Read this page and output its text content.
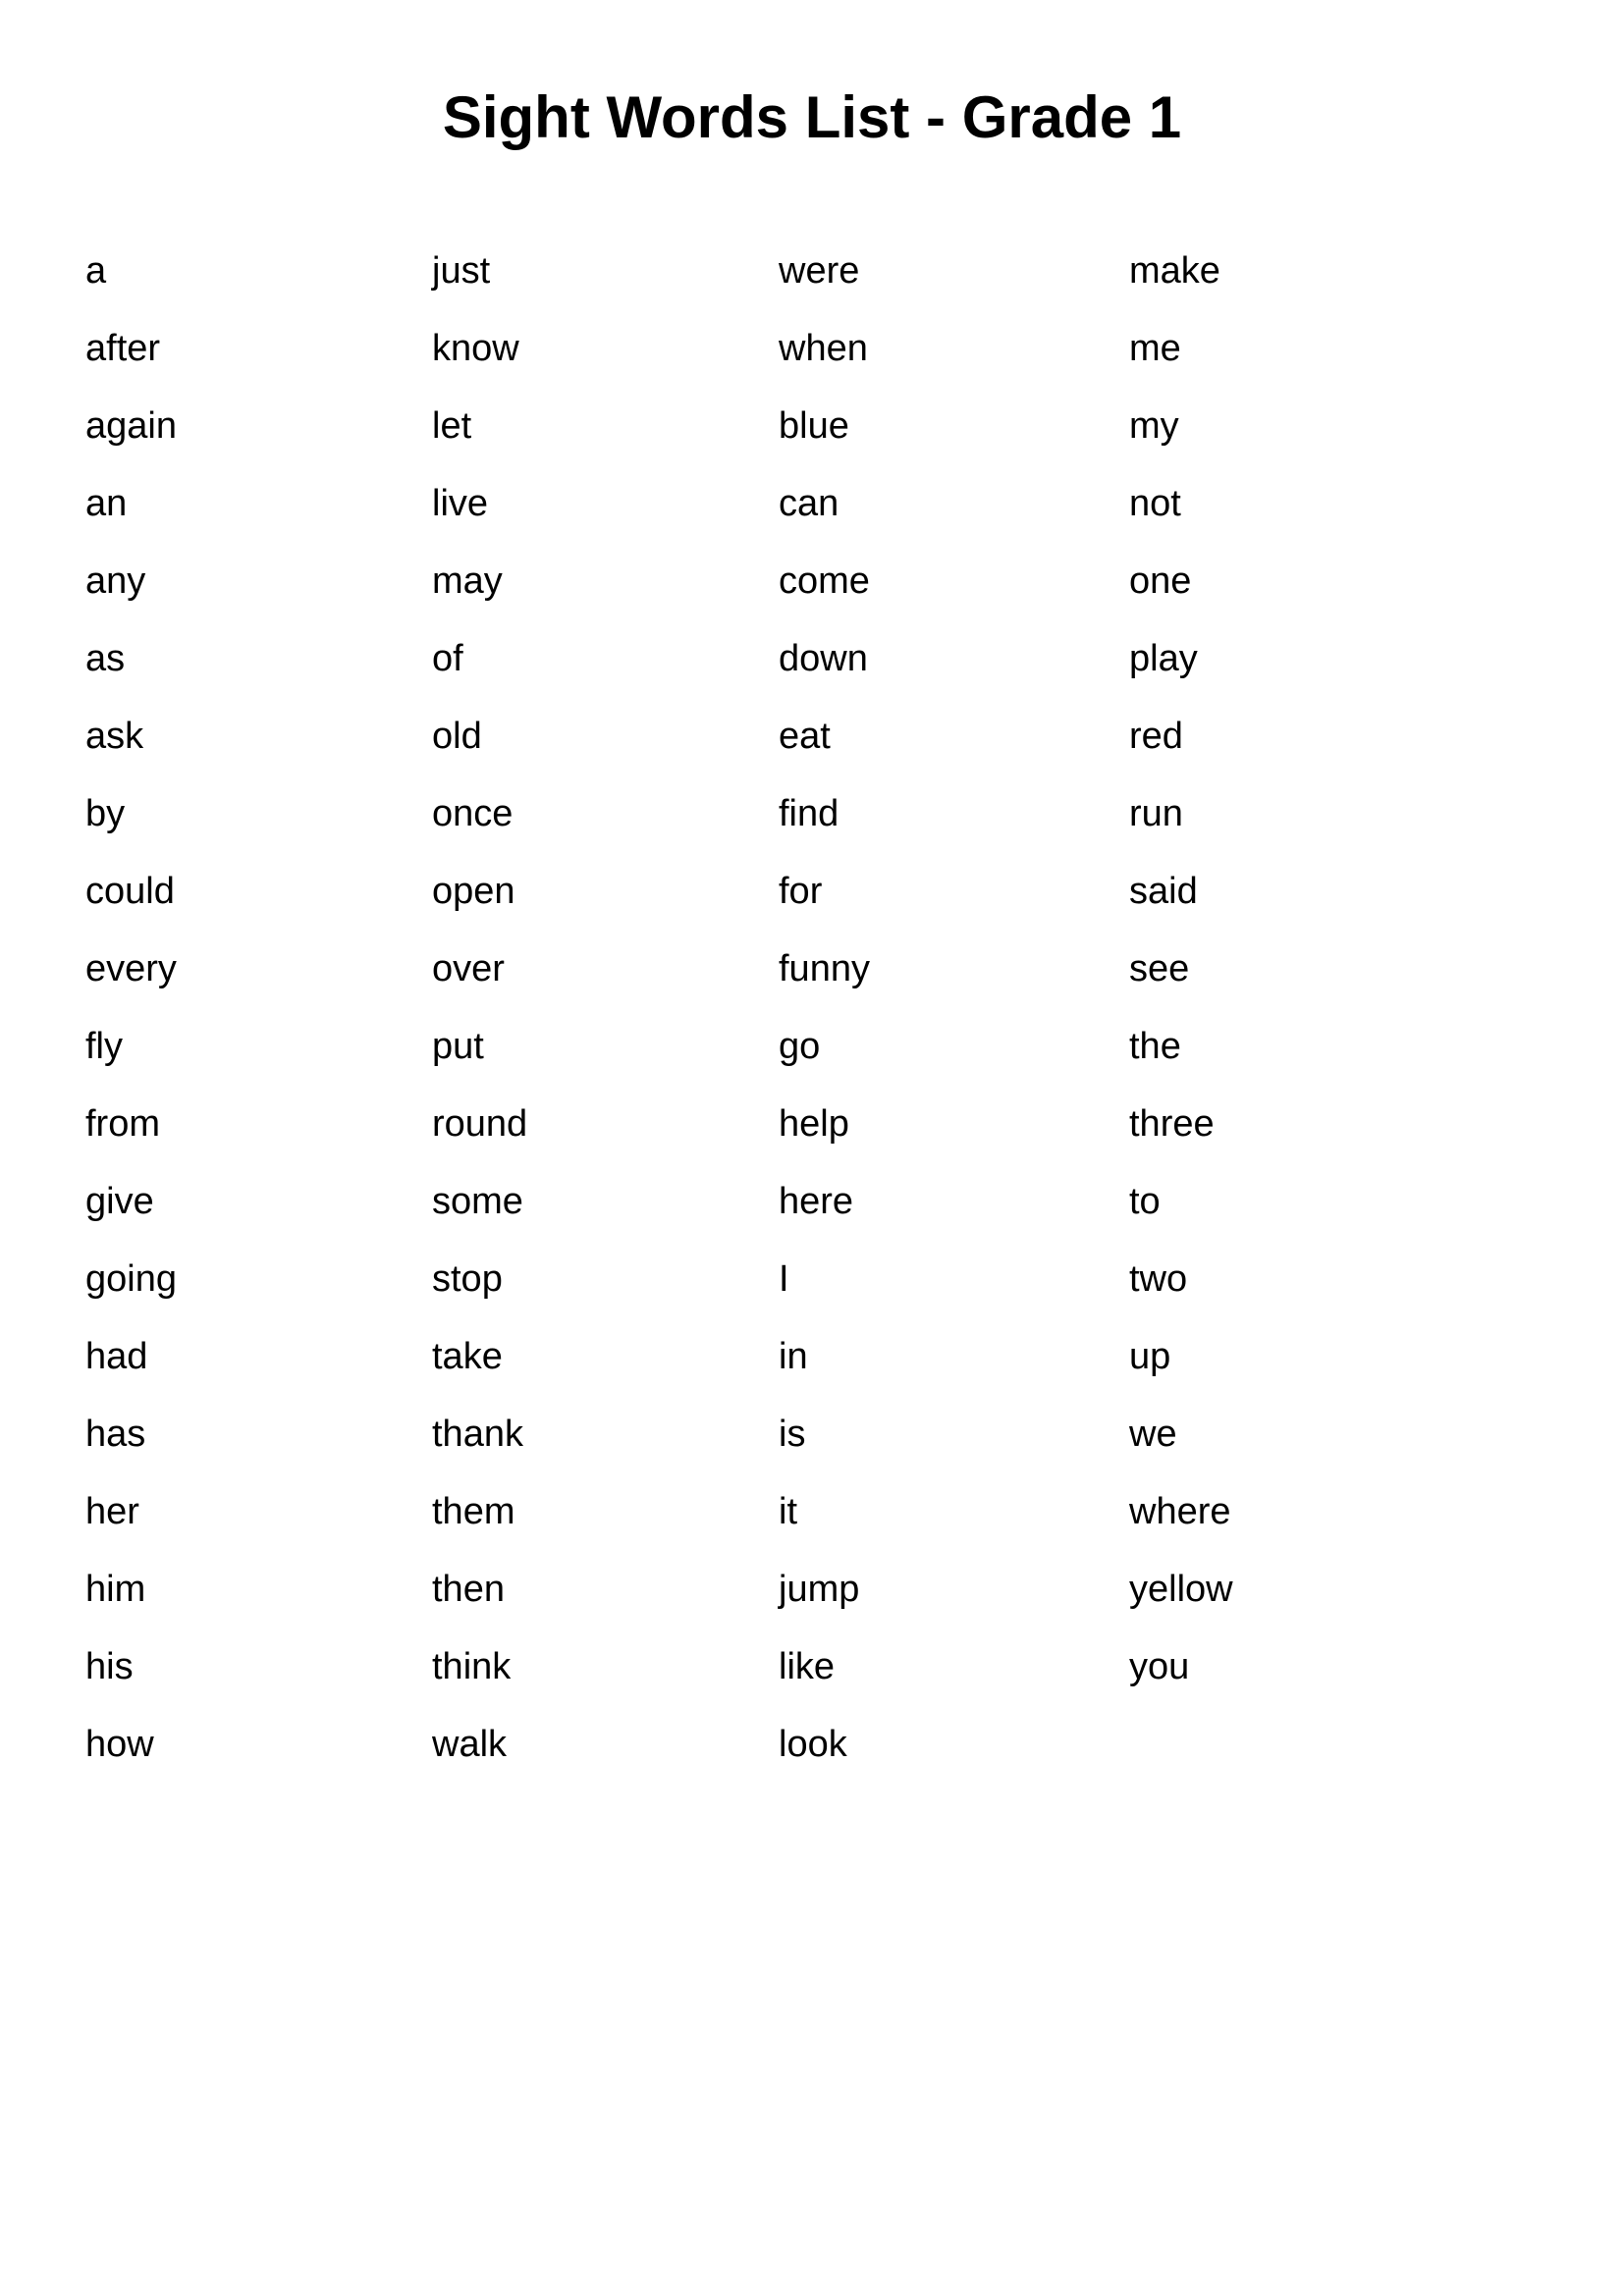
Sight Words List - Grade 1
a
after
again
an
any
as
ask
by
could
every
fly
from
give
going
had
has
her
him
his
how
just
know
let
live
may
of
old
once
open
over
put
round
some
stop
take
thank
them
then
think
walk
were
when
blue
can
come
down
eat
find
for
funny
go
help
here
I
in
is
it
jump
like
look
make
me
my
not
one
play
red
run
said
see
the
three
to
two
up
we
where
yellow
you
